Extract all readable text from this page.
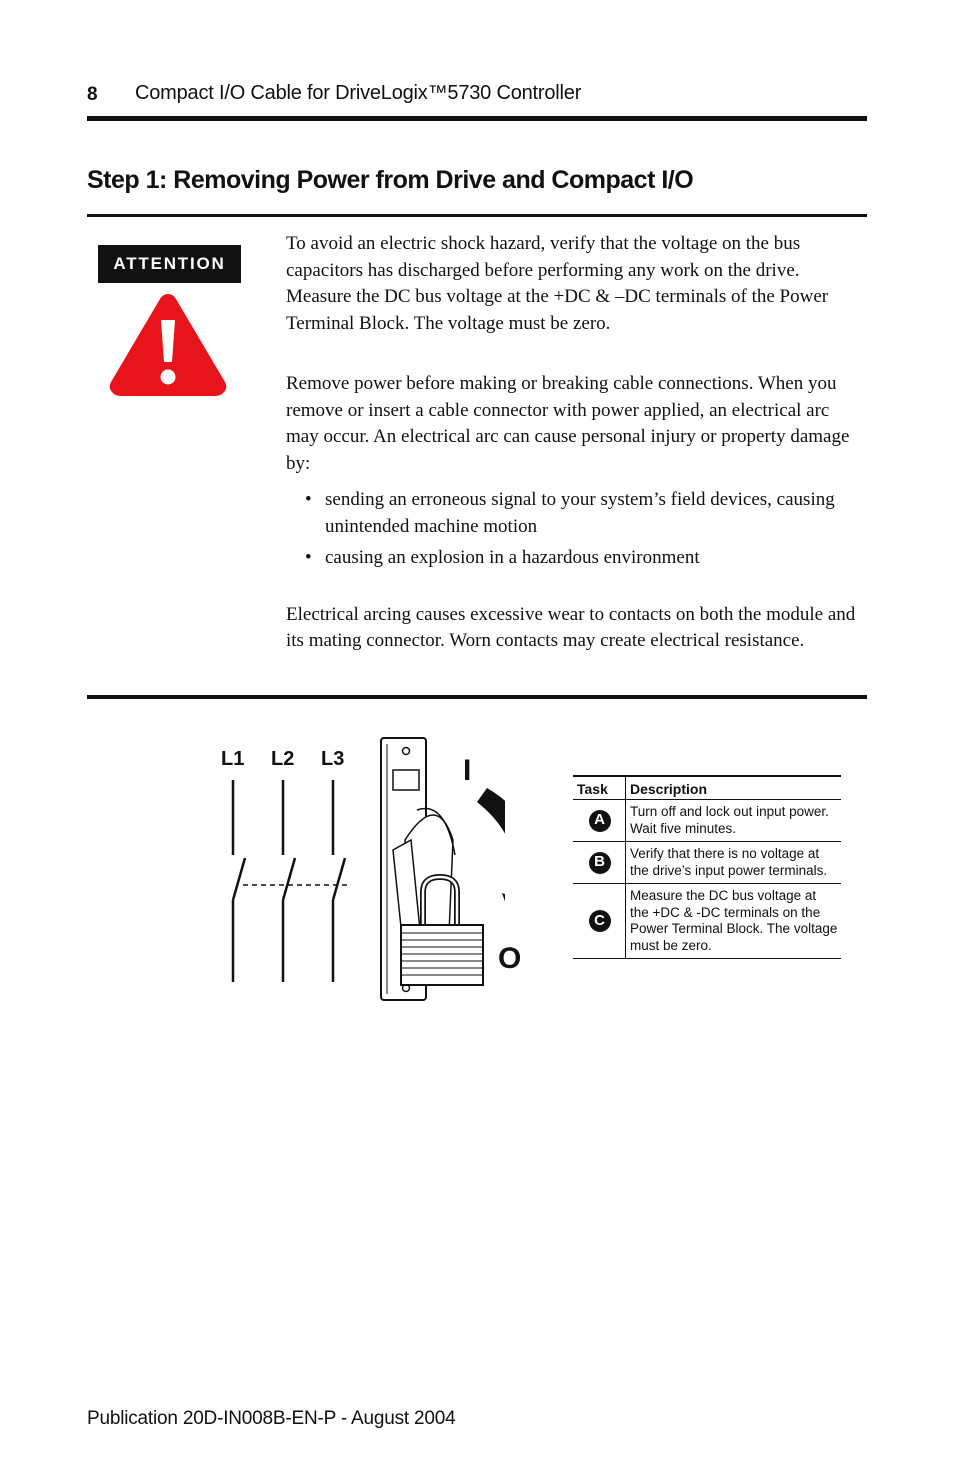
8 Compact I/O Cable for DriveLogix™5730 Controller
Step 1: Removing Power from Drive and Compact I/O
ATTENTION

To avoid an electric shock hazard, verify that the voltage on the bus capacitors has discharged before performing any work on the drive. Measure the DC bus voltage at the +DC & –DC terminals of the Power Terminal Block. The voltage must be zero.

Remove power before making or breaking cable connections. When you remove or insert a cable connector with power applied, an electrical arc may occur. An electrical arc can cause personal injury or property damage by:

• sending an erroneous signal to your system’s field devices, causing unintended machine motion
• causing an explosion in a hazardous environment

Electrical arcing causes excessive wear to contacts on both the module and its mating connector. Worn contacts may create electrical resistance.

L1 L2 L3	I
O
Task	Description
A	Turn off and lock out input power. Wait five minutes.
B	Verify that there is no voltage at the drive’s input power terminals.
C	Measure the DC bus voltage at the +DC & -DC terminals on the Power Terminal Block. The voltage must be zero.
Publication 20D-IN008B-EN-P - August 2004
